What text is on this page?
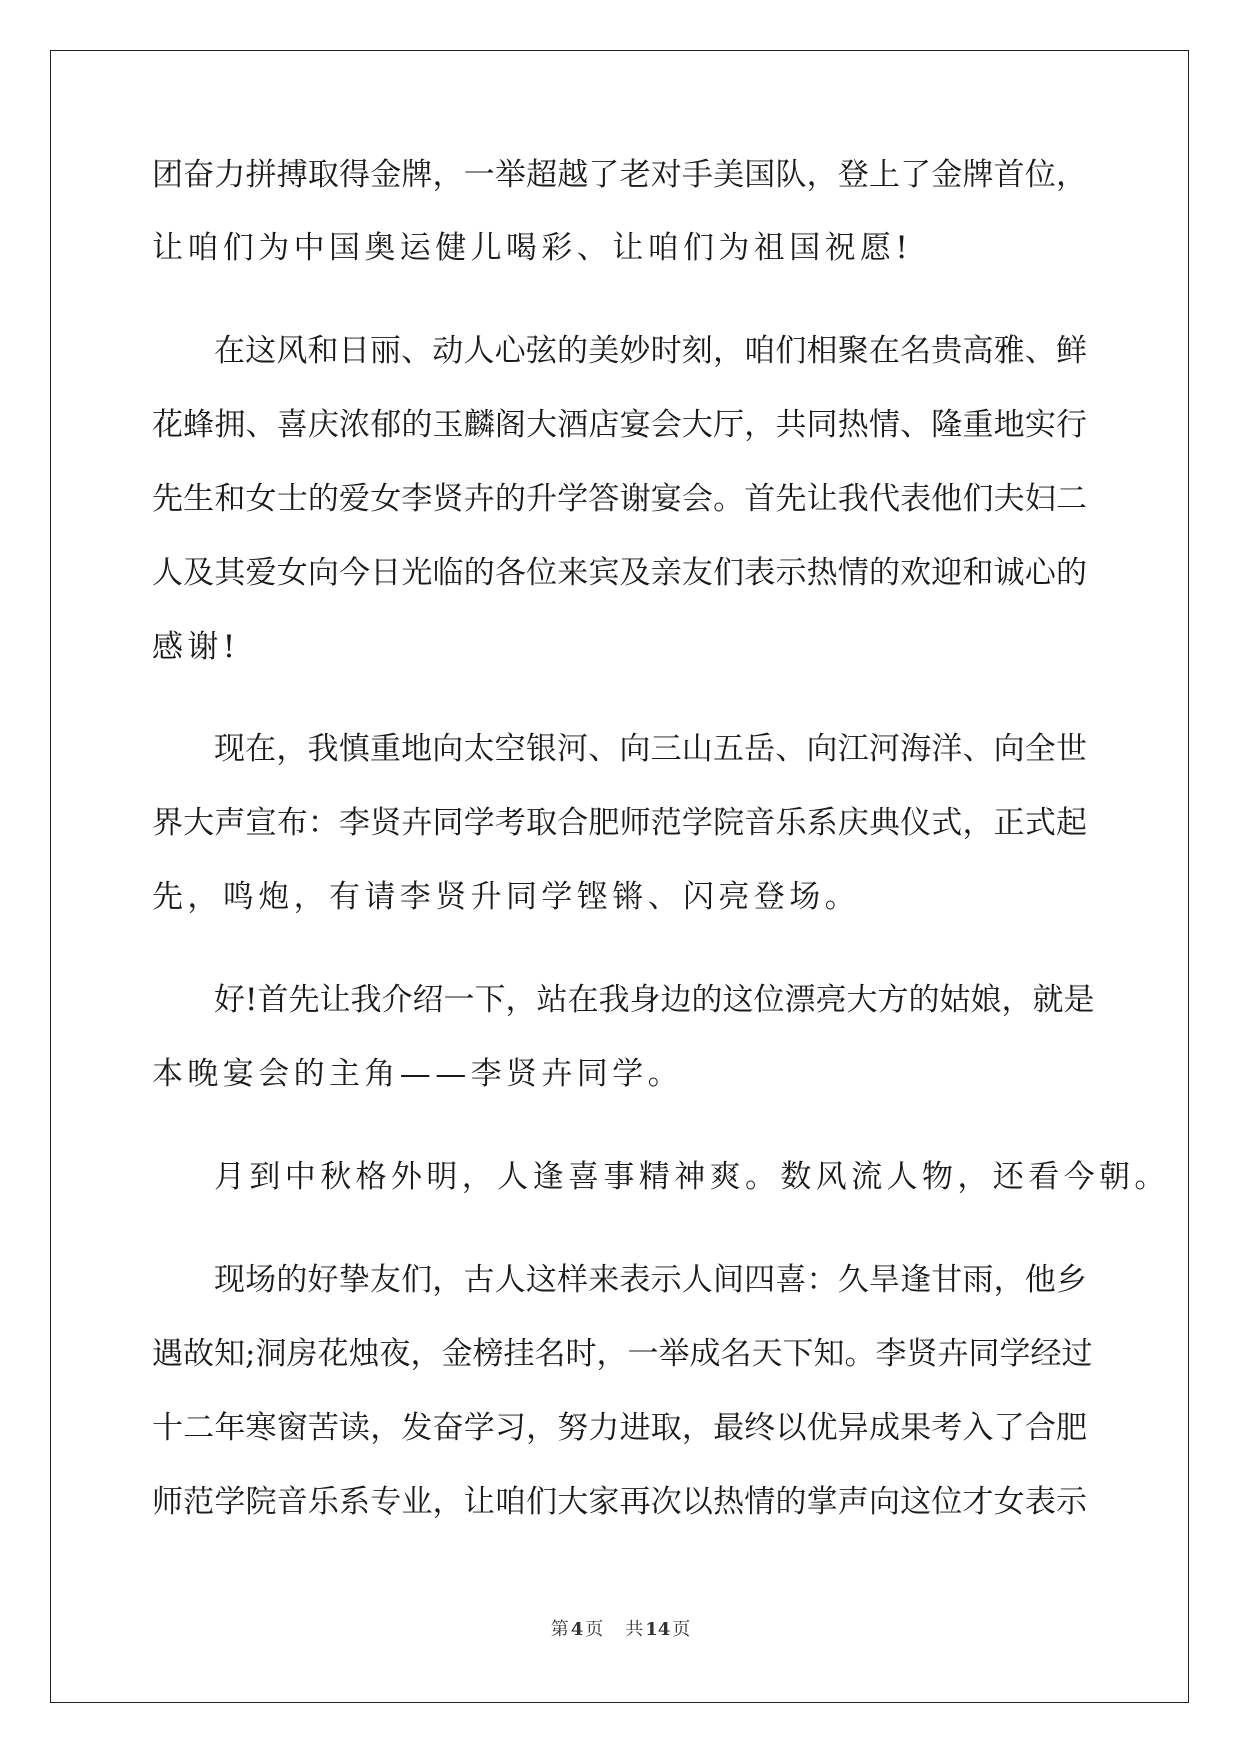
团奋力拼搏取得金牌，一举超越了老对手美国队，登上了金牌首位，
让咱们为中国奥运健儿喝彩、让咱们为祖国祝愿!
在这风和日丽、动人心弦的美妙时刻，咱们相聚在名贵高雅、鲜
花蜂拥、喜庆浓郁的玉麟阁大酒店宴会大厅，共同热情、隆重地实行
先生和女士的爱女李贤卉的升学答谢宴会。首先让我代表他们夫妇二
人及其爱女向今日光临的各位来宾及亲友们表示热情的欢迎和诚心的
感谢!
现在，我慎重地向太空银河、向三山五岳、向江河海洋、向全世
界大声宣布：李贤卉同学考取合肥师范学院音乐系庆典仪式，正式起
先，鸣炮，有请李贤升同学铿锵、闪亮登场。
好!首先让我介绍一下，站在我身边的这位漂亮大方的姑娘，就是
本晚宴会的主角——李贤卉同学。
月到中秋格外明，人逢喜事精神爽。数风流人物，还看今朝。
现场的好挚友们，古人这样来表示人间四喜：久旱逢甘雨，他乡
遇故知;洞房花烛夜，金榜挂名时，一举成名天下知。李贤卉同学经过
十二年寒窗苦读，发奋学习，努力进取，最终以优异成果考入了合肥
师范学院音乐系专业，让咱们大家再次以热情的掌声向这位才女表示
第 4 页 共 14 页
